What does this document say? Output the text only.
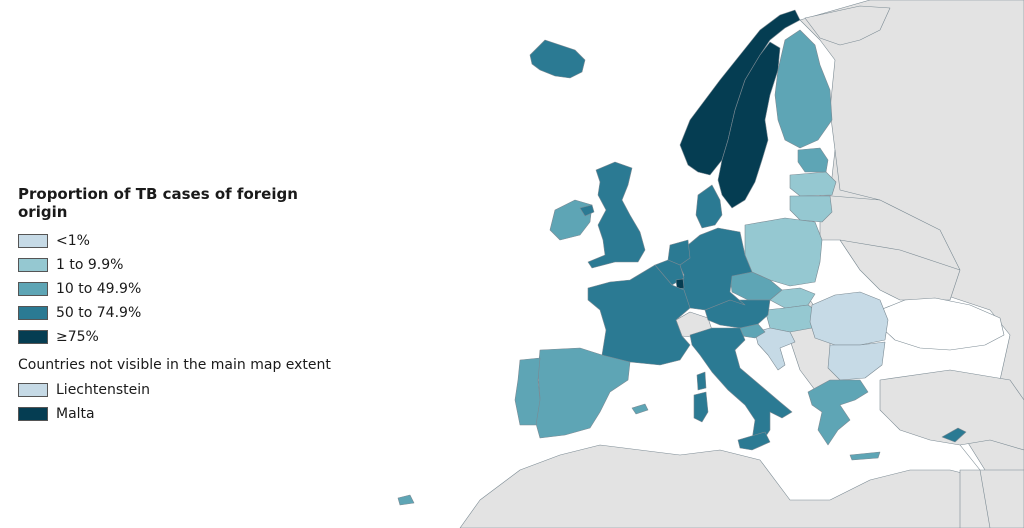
Proportion of TB cases of foreign origin
<1%
1 to 9.9%
10 to 49.9%
50 to 74.9%
≥75%
Countries not visible in the main map extent
Liechtenstein
Malta
